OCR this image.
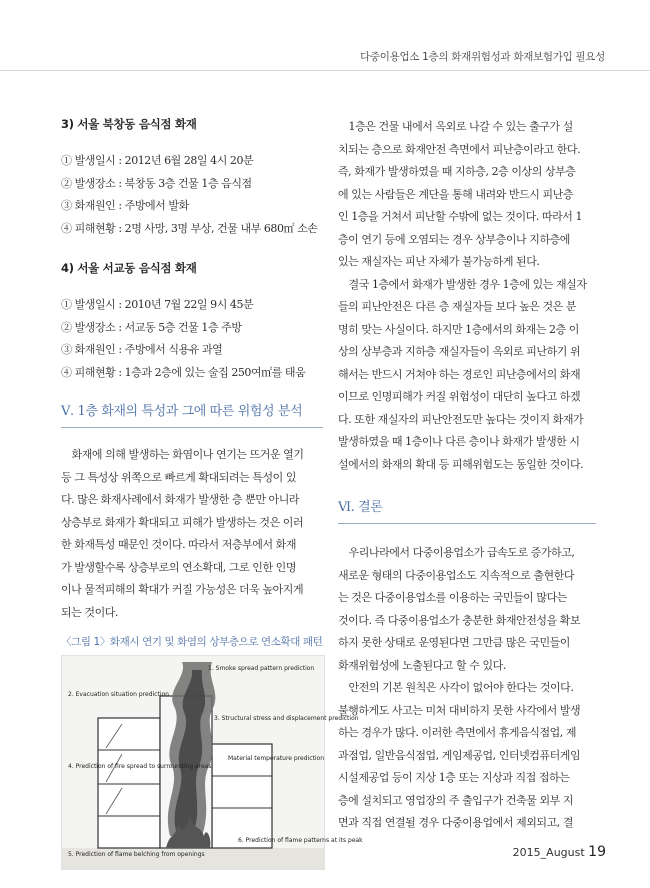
다중이용업소 1층의 화재위험성과 화재보험가입 필요성
3) 서울 북창동 음식점 화재

① 발생일시 : 2012년 6월 28일 4시 20분

② 발생장소 : 북창동 3층 건물 1층 음식점

③ 화재원인 : 주방에서 발화

④ 피해현황 : 2명 사망, 3명 부상, 건물 내부 680㎡ 소손

4) 서울 서교동 음식점 화재

① 발생일시 : 2010년 7월 22일 9시 45분

② 발생장소 : 서교동 5층 건물 1층 주방

③ 화재원인 : 주방에서 식용유 과열

④ 피해현황 : 1층과 2층에 있는 술집 250여㎡를 태움

Ⅴ. 1층 화재의 특성과 그에 따른 위험성 분석

　화재에 의해 발생하는 화염이나 연기는 뜨거운 열기
등 그 특성상 위쪽으로 빠르게 확대되려는 특성이 있
다. 많은 화재사례에서 화재가 발생한 층 뿐만 아니라
상층부로 화재가 확대되고 피해가 발생하는 것은 이러
한 화재특성 때문인 것이다. 따라서 저층부에서 화재
가 발생할수록 상층부로의 연소확대, 그로 인한 인명
이나 물적피해의 확대가 커질 가능성은 더욱 높아지게
되는 것이다.

〈그림 1〉화재시 연기 및 화염의 상부층으로 연소확대 패턴
1. Smoke spread pattern prediction
2. Evacuation situation prediction
3. Structural stress and displacement prediction
4. Prediction of fire spread to surrounding areas
Material temperature prediction
5. Prediction of flame belching from openings
6. Prediction of flame patterns at its peak

　1층은 건물 내에서 옥외로 나갈 수 있는 출구가 설
치되는 층으로 화재안전 측면에서 피난층이라고 한다.
즉, 화재가 발생하였을 때 지하층, 2층 이상의 상부층
에 있는 사람들은 계단을 통해 내려와 반드시 피난층
인 1층을 거쳐서 피난할 수밖에 없는 것이다. 따라서 1
층이 연기 등에 오염되는 경우 상부층이나 지하층에
있는 재실자는 피난 자체가 불가능하게 된다.
　결국 1층에서 화재가 발생한 경우 1층에 있는 재실자
들의 피난안전은 다른 층 재실자들 보다 높은 것은 분
명히 맞는 사실이다. 하지만 1층에서의 화재는 2층 이
상의 상부층과 지하층 재실자들이 옥외로 피난하기 위
해서는 반드시 거쳐야 하는 경로인 피난층에서의 화재
이므로 인명피해가 커질 위험성이 대단히 높다고 하겠
다. 또한 재실자의 피난안전도만 높다는 것이지 화재가
발생하였을 때 1층이나 다른 층이나 화재가 발생한 시
설에서의 화재의 확대 등 피해위험도는 동일한 것이다.

Ⅵ. 결론

　우리나라에서 다중이용업소가 급속도로 증가하고,
새로운 형태의 다중이용업소도 지속적으로 출현한다
는 것은 다중이용업소를 이용하는 국민들이 많다는
것이다. 즉 다중이용업소가 충분한 화재안전성을 확보
하지 못한 상태로 운영된다면 그만큼 많은 국민들이
화재위험성에 노출된다고 할 수 있다.
　안전의 기본 원칙은 사각이 없어야 한다는 것이다.
불행하게도 사고는 미처 대비하지 못한 사각에서 발생
하는 경우가 많다. 이러한 측면에서 휴게음식점업, 제
과점업, 일반음식점업, 게임제공업, 인터넷컴퓨터게임
시설제공업 등이 지상 1층 또는 지상과 직접 접하는
층에 설치되고 영업장의 주 출입구가 건축물 외부 지
면과 직접 연결될 경우 다중이용업에서 제외되고, 결

2015_August 19
